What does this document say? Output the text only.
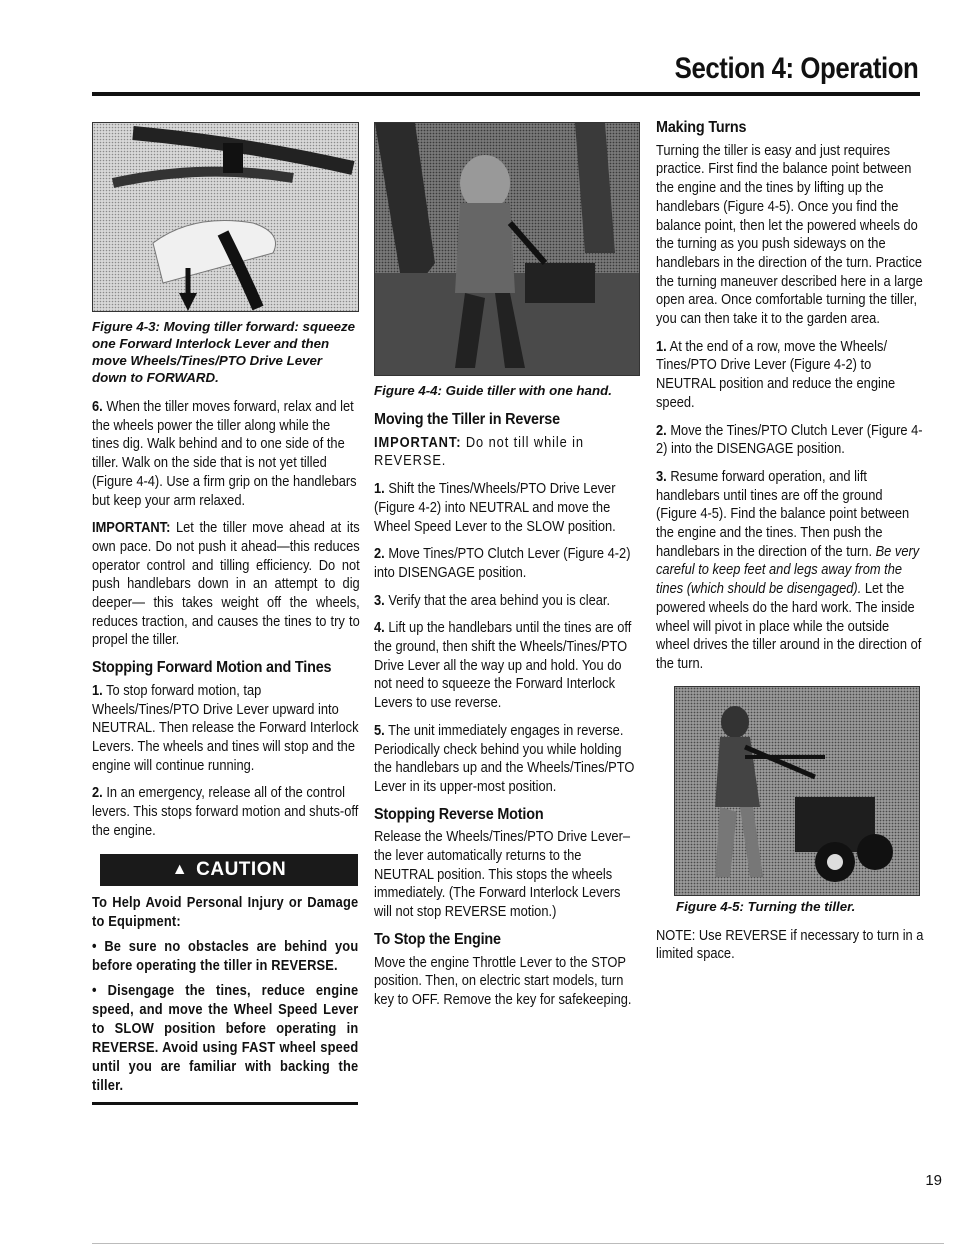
Section 4: Operation

Figure 4-3: Moving tiller forward: squeeze one Forward Interlock Lever and then move Wheels/Tines/PTO Drive Lever down to FORWARD.

6. When the tiller moves forward, relax and let the wheels power the tiller along while the tines dig. Walk behind and to one side of the tiller. Walk on the side that is not yet tilled (Figure 4-4). Use a firm grip on the handlebars but keep your arm relaxed.

IMPORTANT: Let the tiller move ahead at its own pace. Do not push it ahead—this reduces operator control and tilling efficiency. Do not push handlebars down in an attempt to dig deeper— this takes weight off the wheels, reduces traction, and causes the tines to try to propel the tiller.

Stopping Forward Motion and Tines

1. To stop forward motion, tap Wheels/Tines/PTO Drive Lever upward into NEUTRAL. Then release the Forward Interlock Levers. The wheels and tines will stop and the engine will continue running.

2. In an emergency, release all of the control levers. This stops forward motion and shuts-off the engine.

▲ CAUTION

To Help Avoid Personal Injury or Damage to Equipment:

• Be sure no obstacles are behind you before operating the tiller in REVERSE.

• Disengage the tines, reduce engine speed, and move the Wheel Speed Lever to SLOW position before operating in REVERSE. Avoid using FAST wheel speed until you are familiar with backing the tiller.

Figure 4-4: Guide tiller with one hand.

Moving the Tiller in Reverse

IMPORTANT: Do not till while in REVERSE.

1. Shift the Tines/Wheels/PTO Drive Lever (Figure 4-2) into NEUTRAL and move the Wheel Speed Lever to the SLOW position.

2. Move Tines/PTO Clutch Lever (Figure 4-2) into DISENGAGE position.

3. Verify that the area behind you is clear.

4. Lift up the handlebars until the tines are off the ground, then shift the Wheels/Tines/PTO Drive Lever all the way up and hold. You do not need to squeeze the Forward Interlock Levers to use reverse.

5. The unit immediately engages in reverse. Periodically check behind you while holding the handlebars up and the Wheels/Tines/PTO Lever in its upper-most position.

Stopping Reverse Motion

Release the Wheels/Tines/PTO Drive Lever– the lever automatically returns to the NEUTRAL position. This stops the wheels immediately. (The Forward Interlock Levers will not stop REVERSE motion.)

To Stop the Engine

Move the engine Throttle Lever to the STOP position. Then, on electric start models, turn key to OFF. Remove the key for safekeeping.

Making Turns

Turning the tiller is easy and just requires practice. First find the balance point between the engine and the tines by lifting up the handlebars (Figure 4-5). Once you find the balance point, then let the powered wheels do the turning as you push sideways on the handlebars in the direction of the turn. Practice the turning maneuver described here in a large open area. Once comfortable turning the tiller, you can then take it to the garden area.

1. At the end of a row, move the Wheels/ Tines/PTO Drive Lever (Figure 4-2) to NEUTRAL position and reduce the engine speed.

2. Move the Tines/PTO Clutch Lever (Figure 4-2) into the DISENGAGE position.

3. Resume forward operation, and lift handlebars until tines are off the ground (Figure 4-5). Find the balance point between the engine and the tines. Then push the handlebars in the direction of the turn. Be very careful to keep feet and legs away from the tines (which should be disengaged). Let the powered wheels do the hard work. The inside wheel will pivot in place while the outside wheel drives the tiller around in the direction of the turn.

Figure 4-5: Turning the tiller.

NOTE: Use REVERSE if necessary to turn in a limited space.

19
